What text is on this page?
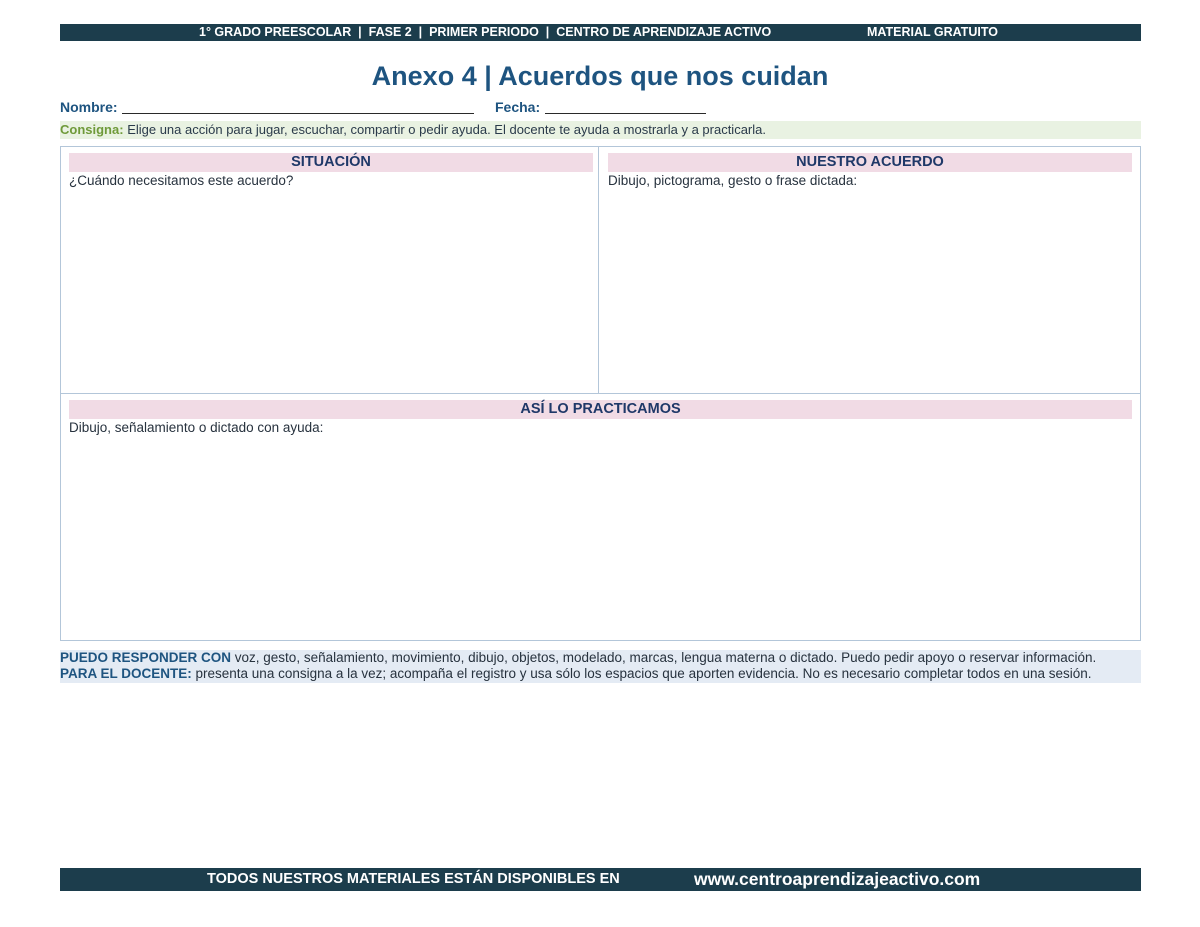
1° GRADO PREESCOLAR  |  FASE 2  |  PRIMER PERIODO  |  CENTRO DE APRENDIZAJE ACTIVO	MATERIAL GRATUITO
Anexo 4 | Acuerdos que nos cuidan
Nombre:	Fecha:
Consigna: Elige una acción para jugar, escuchar, compartir o pedir ayuda. El docente te ayuda a mostrarla y a practicarla.
SITUACIÓN
¿Cuándo necesitamos este acuerdo?
NUESTRO ACUERDO
Dibujo, pictograma, gesto o frase dictada:
ASÍ LO PRACTICAMOS
Dibujo, señalamiento o dictado con ayuda:
PUEDO RESPONDER CON voz, gesto, señalamiento, movimiento, dibujo, objetos, modelado, marcas, lengua materna o dictado. Puedo pedir apoyo o reservar información.
PARA EL DOCENTE: presenta una consigna a la vez; acompaña el registro y usa sólo los espacios que aporten evidencia. No es necesario completar todos en una sesión.
TODOS NUESTROS MATERIALES ESTÁN DISPONIBLES EN	www.centroaprendizajeactivo.com
